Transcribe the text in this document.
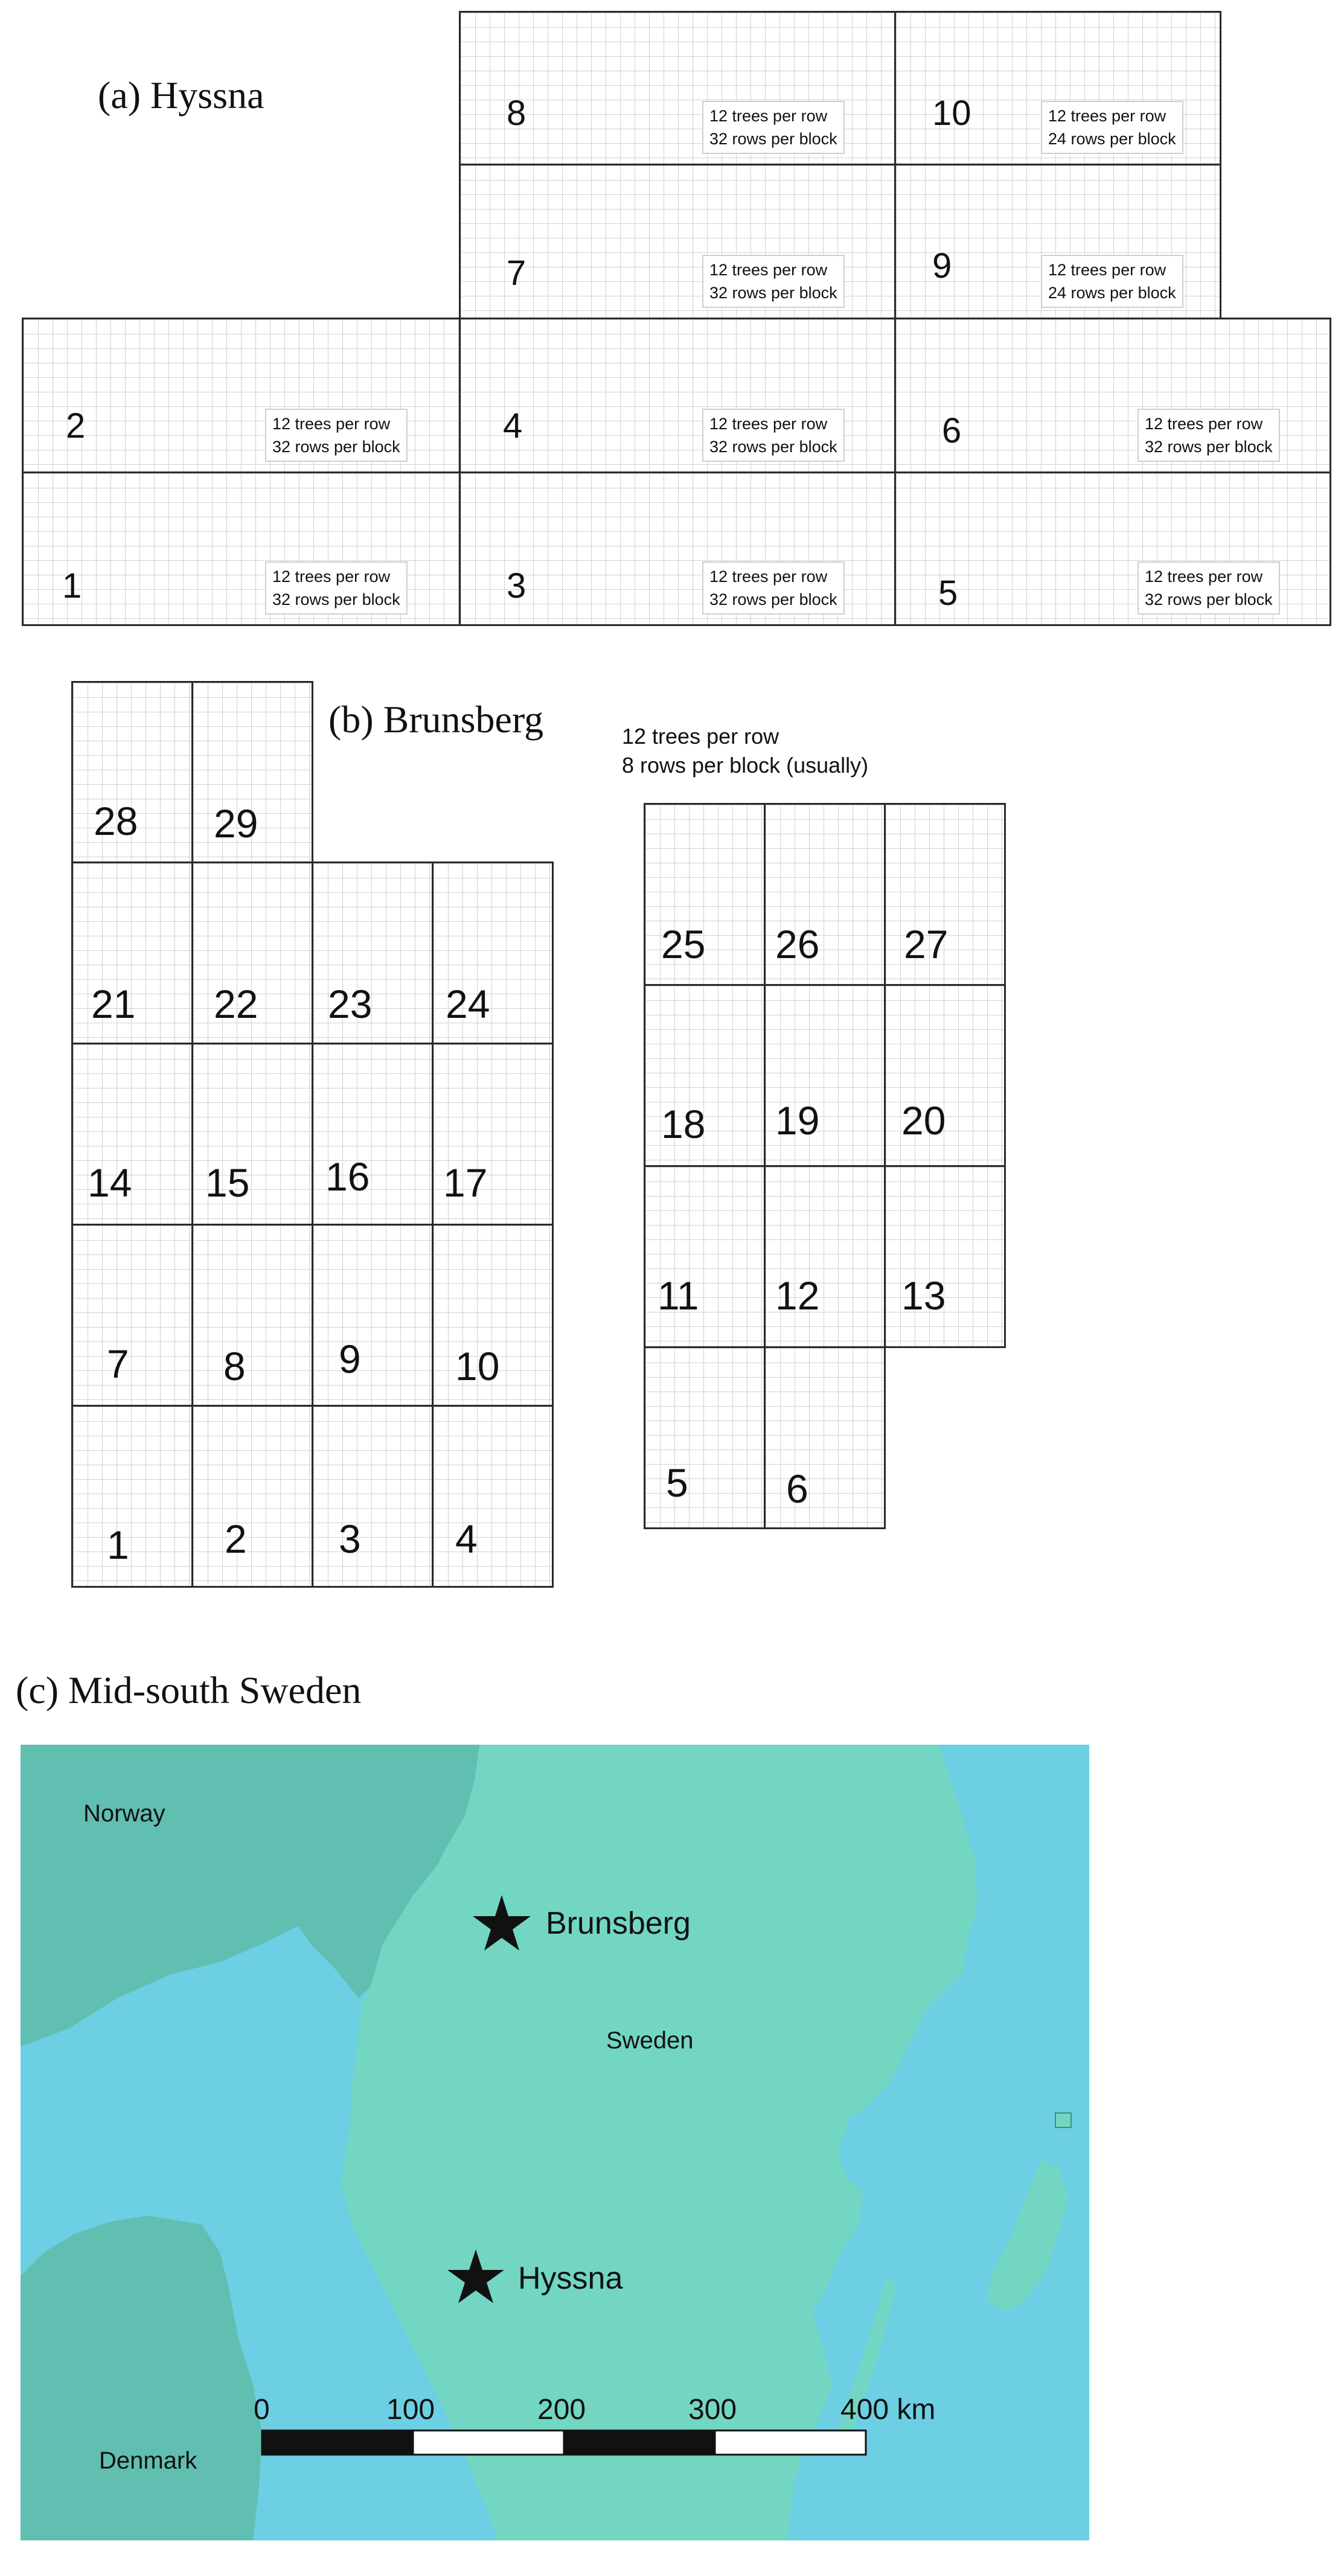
(a) Hyssna	8	12 trees per row
32 rows per block
10	12 trees per row
24 rows per block
7	12 trees per row
32 rows per block
9	12 trees per row
24 rows per block
2	12 trees per row
32 rows per block
4	12 trees per row
32 rows per block	6	12 trees per row
32 rows per block
1	12 trees per row
32 rows per block	3	12 trees per row
32 rows per block	5	12 trees per row
32 rows per block
(b) Brunsberg	12 trees per row
8 rows per block (usually)
28 29
21 22 23 24
14 15 16 17
7 8 9 10
1 2 3 4
25 26 27
18 19 20
11 12 13
5 6
(c) Mid-south Sweden
Norway
Brunsberg
Sweden
Hyssna
Denmark
0	100	200	300	400 km
